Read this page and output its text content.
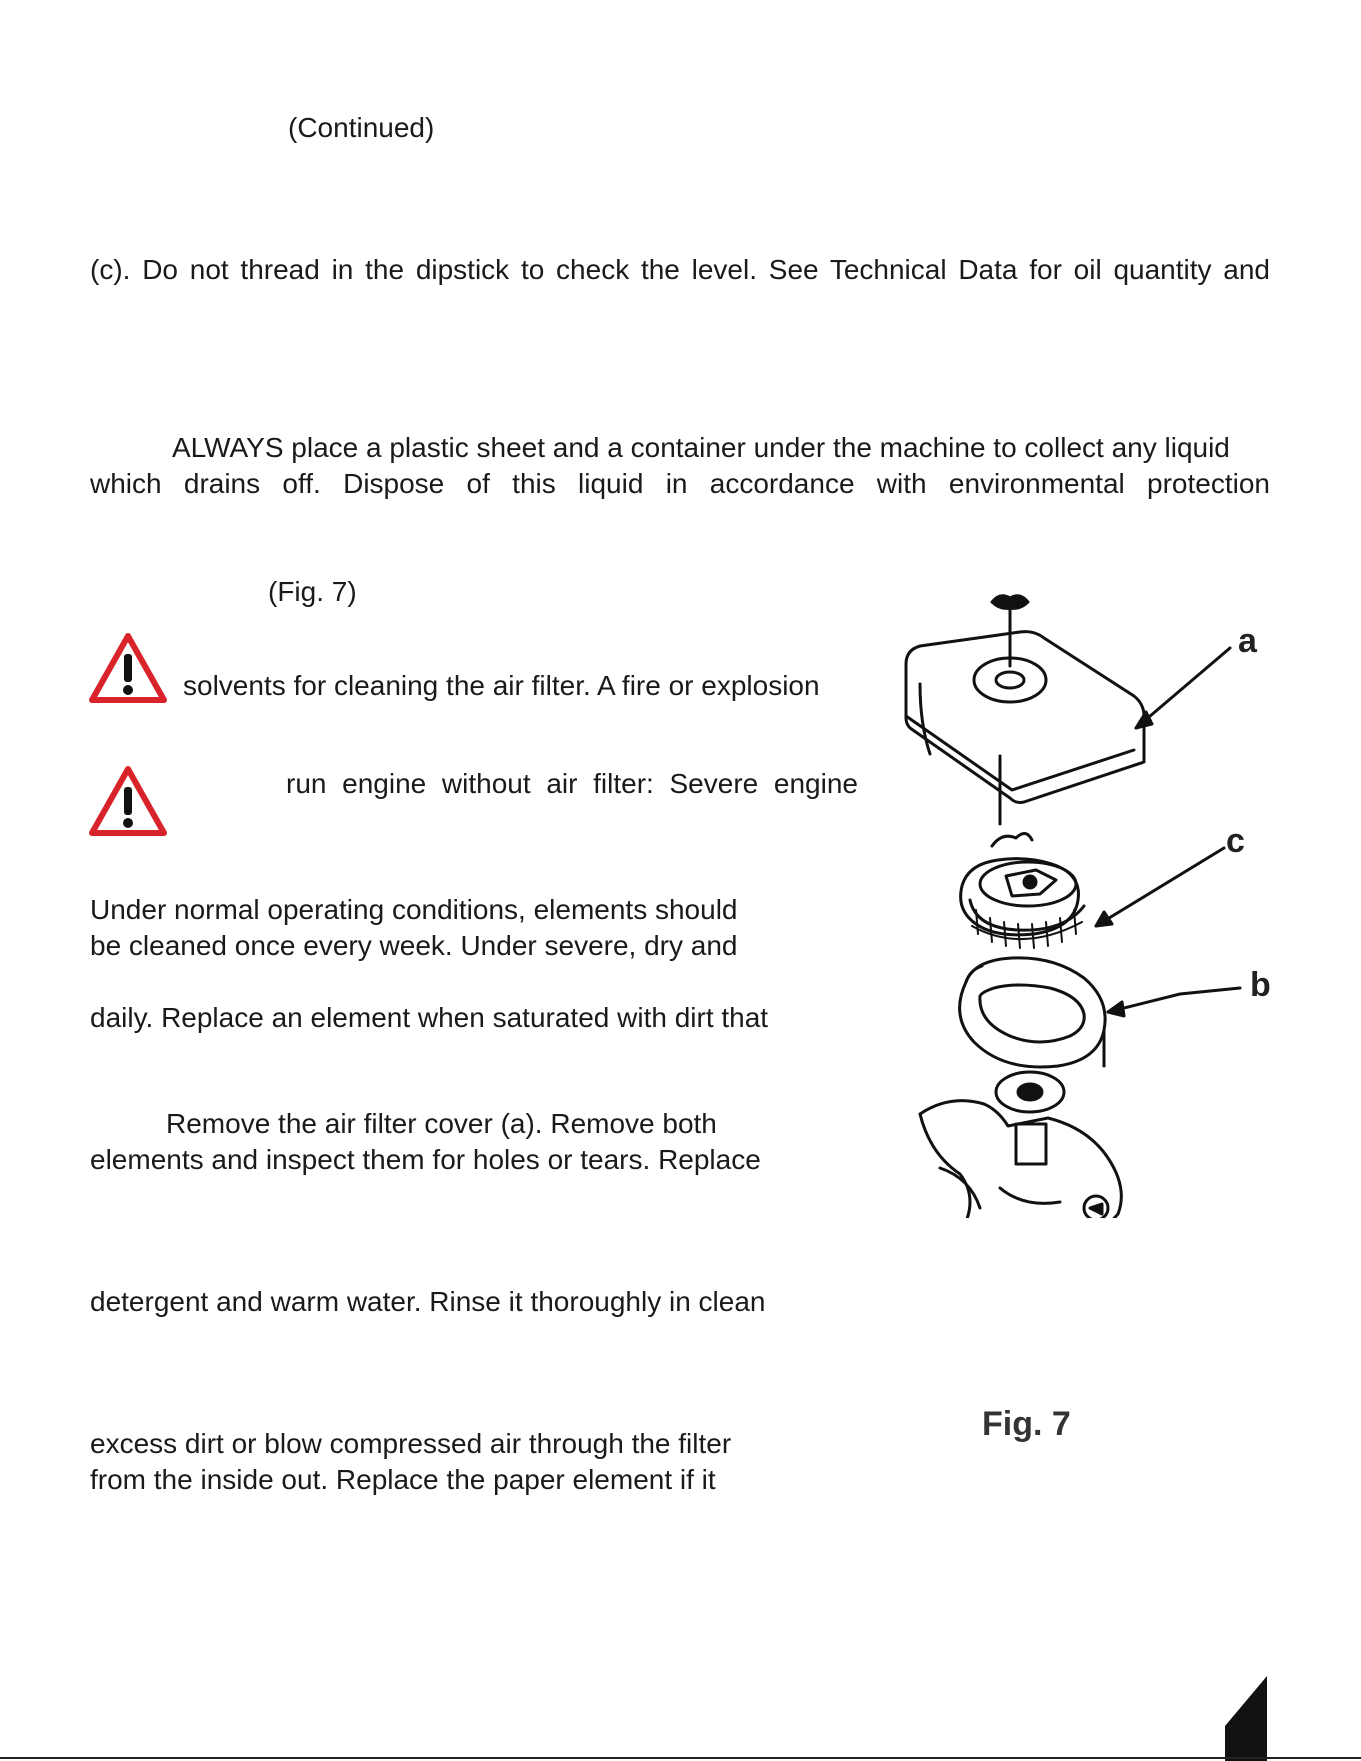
(Continued)
(c). Do not thread in the dipstick to check the level. See Technical Data for oil quantity and
ALWAYS place a plastic sheet and a container under the machine to collect any liquid
which drains off. Dispose of this liquid in accordance with environmental protection
(Fig. 7)
solvents for cleaning the air filter. A fire or explosion
run engine without air filter: Severe engine
Under normal operating conditions, elements should
be cleaned once every week. Under severe, dry and
daily. Replace an element when saturated with dirt that
Remove the air filter cover (a). Remove both
elements and inspect them for holes or tears. Replace
detergent and warm water. Rinse it thoroughly in clean
excess dirt or blow compressed air through the filter
from the inside out. Replace the paper element if it
a
c
b
Fig. 7
